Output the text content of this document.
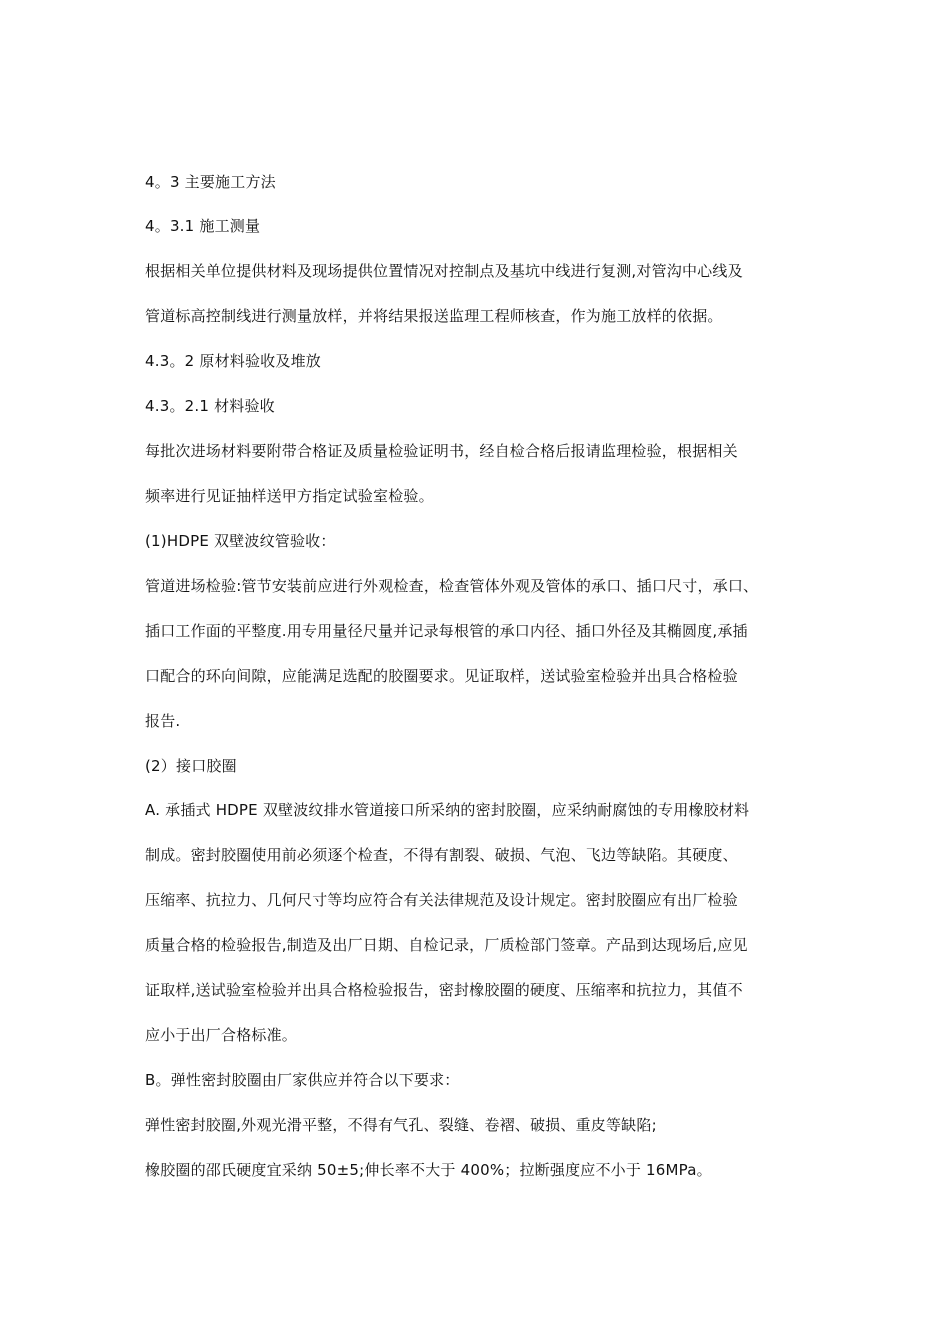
4。3 主要施工方法
4。3.1 施工测量
根据相关单位提供材料及现场提供位置情况对控制点及基坑中线进行复测,对管沟中心线及
管道标高控制线进行测量放样，并将结果报送监理工程师核查，作为施工放样的依据。
4.3。2 原材料验收及堆放
4.3。2.1 材料验收
每批次进场材料要附带合格证及质量检验证明书，经自检合格后报请监理检验，根据相关
频率进行见证抽样送甲方指定试验室检验。
(1)HDPE 双壁波纹管验收：
管道进场检验:管节安装前应进行外观检查，检查管体外观及管体的承口、插口尺寸，承口、
插口工作面的平整度.用专用量径尺量并记录每根管的承口内径、插口外径及其椭圆度,承插
口配合的环向间隙，应能满足选配的胶圈要求。见证取样，送试验室检验并出具合格检验
报告.
(2）接口胶圈
A. 承插式 HDPE 双壁波纹排水管道接口所采纳的密封胶圈，应采纳耐腐蚀的专用橡胶材料
制成。密封胶圈使用前必须逐个检查，不得有割裂、破损、气泡、飞边等缺陷。其硬度、
压缩率、抗拉力、几何尺寸等均应符合有关法律规范及设计规定。密封胶圈应有出厂检验
质量合格的检验报告,制造及出厂日期、自检记录，厂质检部门签章。产品到达现场后,应见
证取样,送试验室检验并出具合格检验报告，密封橡胶圈的硬度、压缩率和抗拉力，其值不
应小于出厂合格标准。
B。弹性密封胶圈由厂家供应并符合以下要求：
弹性密封胶圈,外观光滑平整，不得有气孔、裂缝、卷褶、破损、重皮等缺陷;
橡胶圈的邵氏硬度宜采纳 50±5;伸长率不大于 400%；拉断强度应不小于 16MPa。
